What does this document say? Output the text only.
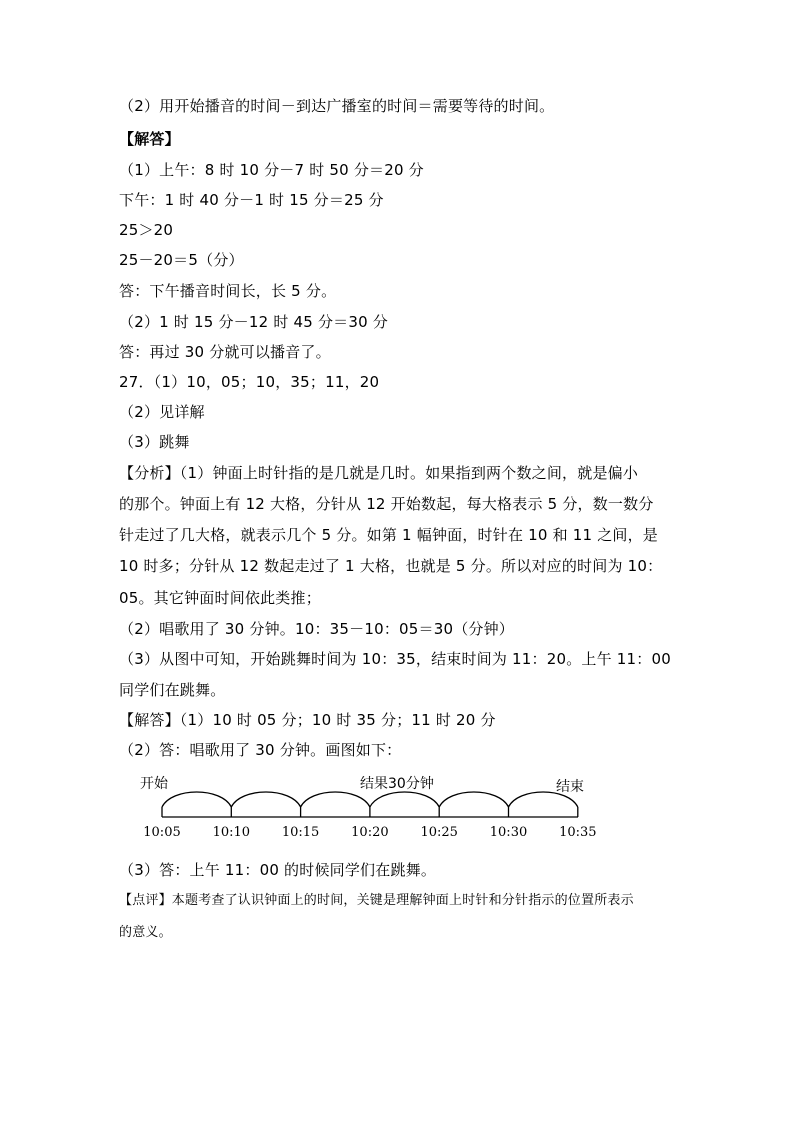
（2）用开始播音的时间－到达广播室的时间＝需要等待的时间。
【解答】
（1）上午：8 时 10 分－7 时 50 分＝20 分
下午：1 时 40 分－1 时 15 分＝25 分
25＞20
25－20＝5（分）
答：下午播音时间长，长 5 分。
（2）1 时 15 分－12 时 45 分＝30 分
答：再过 30 分就可以播音了。
27．（1）10，05；10，35；11，20
（2）见详解
（3）跳舞
【分析】（1）钟面上时针指的是几就是几时。如果指到两个数之间，就是偏小
的那个。钟面上有 12 大格，分针从 12 开始数起，每大格表示 5 分，数一数分
针走过了几大格，就表示几个 5 分。如第 1 幅钟面，时针在 10 和 11 之间，是
10 时多；分针从 12 数起走过了 1 大格，也就是 5 分。所以对应的时间为 10：
05。其它钟面时间依此类推；
（2）唱歌用了 30 分钟。10：35－10：05＝30（分钟）
（3）从图中可知，开始跳舞时间为 10：35，结束时间为 11：20。上午 11：00
同学们在跳舞。
【解答】（1）10 时 05 分；10 时 35 分；11 时 20 分
（2）答：唱歌用了 30 分钟。画图如下：
开始	结果30分钟	结束
10:05 10:10 10:15 10:20 10:25 10:30 10:35
（3）答：上午 11：00 的时候同学们在跳舞。
【点评】本题考查了认识钟面上的时间，关键是理解钟面上时针和分针指示的位置所表示
的意义。
